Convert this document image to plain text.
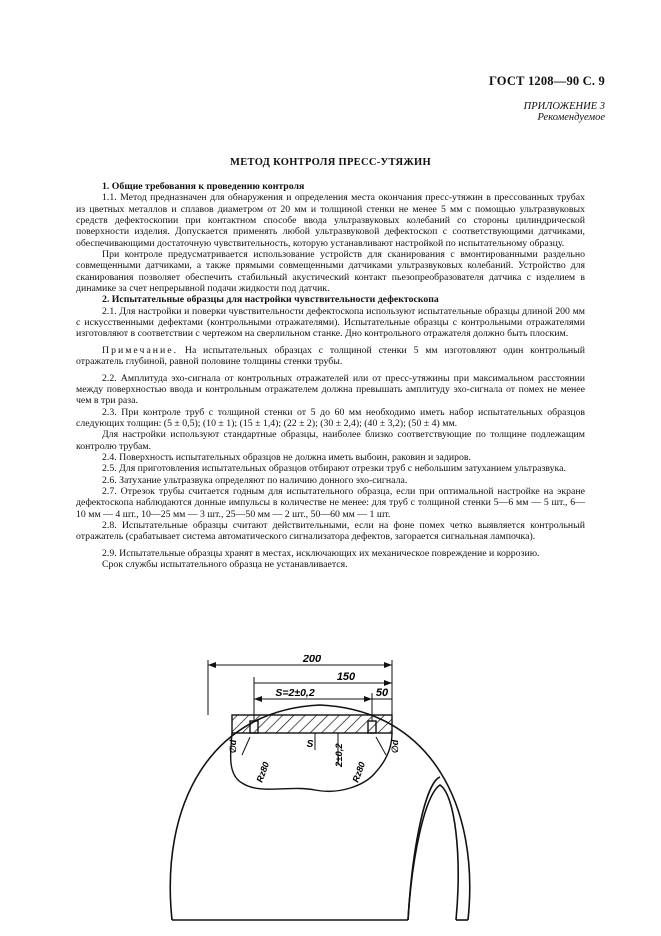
ГОСТ 1208—90 С. 9
ПРИЛОЖЕНИЕ 3
Рекомендуемое
МЕТОД КОНТРОЛЯ ПРЕСС-УТЯЖИН

1. Общие требования к проведению контроля

1.1. Метод предназначен для обнаружения и определения места окончания пресс-утяжин в прессованных трубах из цветных металлов и сплавов диаметром от 20 мм и толщиной стенки не менее 5 мм с помощью ультразвуковых средств дефектоскопии при контактном способе ввода ультразвуковых колебаний со стороны цилиндрической поверхности изделия. Допускается применять любой ультразвуковой дефектоскоп с соответствующими датчиками, обеспечивающими достаточную чувствительность, которую устанавливают настройкой по испытательному образцу.

При контроле предусматривается использование устройств для сканирования с вмонтированными раздельно совмещенными датчиками, а также прямыми совмещенными датчиками ультразвуковых колебаний. Устройство для сканирования позволяет обеспечить стабильный акустический контакт пьезопреобразователя датчика с изделием в динамике за счет непрерывной подачи жидкости под датчик.

2. Испытательные образцы для настройки чувствительности дефектоскопа

2.1. Для настройки и поверки чувствительности дефектоскопа используют испытательные образцы длиной 200 мм с искусственными дефектами (контрольными отражателями). Испытательные образцы с контрольными отражателями изготовляют в соответствии с чертежом на сверлильном станке. Дно контрольного отражателя должно быть плоским.

Примечание. На испытательных образцах с толщиной стенки 5 мм изготовляют один контрольный отражатель глубиной, равной половине толщины стенки трубы.

2.2. Амплитуда эхо-сигнала от контрольных отражателей или от пресс-утяжины при максимальном расстоянии между поверхностью ввода и контрольным отражателем должна превышать амплитуду эхо-сигнала от помех не менее чем в три раза.

2.3. При контроле труб с толщиной стенки от 5 до 60 мм необходимо иметь набор испытательных образцов следующих толщин: (5 ± 0,5); (10 ± 1); (15 ± 1,4); (22 ± 2); (30 ± 2,4); (40 ± 3,2); (50 ± 4) мм.

Для настройки используют стандартные образцы, наиболее близко соответствующие по толщине подлежащим контролю трубам.

2.4. Поверхность испытательных образцов не должна иметь выбоин, раковин и задиров.

2.5. Для приготовления испытательных образцов отбирают отрезки труб с небольшим затуханием ультразвука.

2.6. Затухание ультразвука определяют по наличию донного эхо-сигнала.

2.7. Отрезок трубы считается годным для испытательного образца, если при оптимальной настройке на экране дефектоскопа наблюдаются донные импульсы в количестве не менее: для труб с толщиной стенки 5—6 мм — 5 шт., 6—10 мм — 4 шт., 10—25 мм — 3 шт., 25—50 мм — 2 шт., 50—60 мм — 1 шт.

2.8. Испытательные образцы считают действительными, если на фоне помех четко выявляется контрольный отражатель (срабатывает система автоматического сигнализатора дефектов, загорается сигнальная лампочка).

2.9. Испытательные образцы хранят в местах, исключающих их механическое повреждение и коррозию.

Срок службы испытательного образца не устанавливается.

200
150
S=2±0,2	50
S 2±0,2
∅d	∅d
Rz80	Rz80
